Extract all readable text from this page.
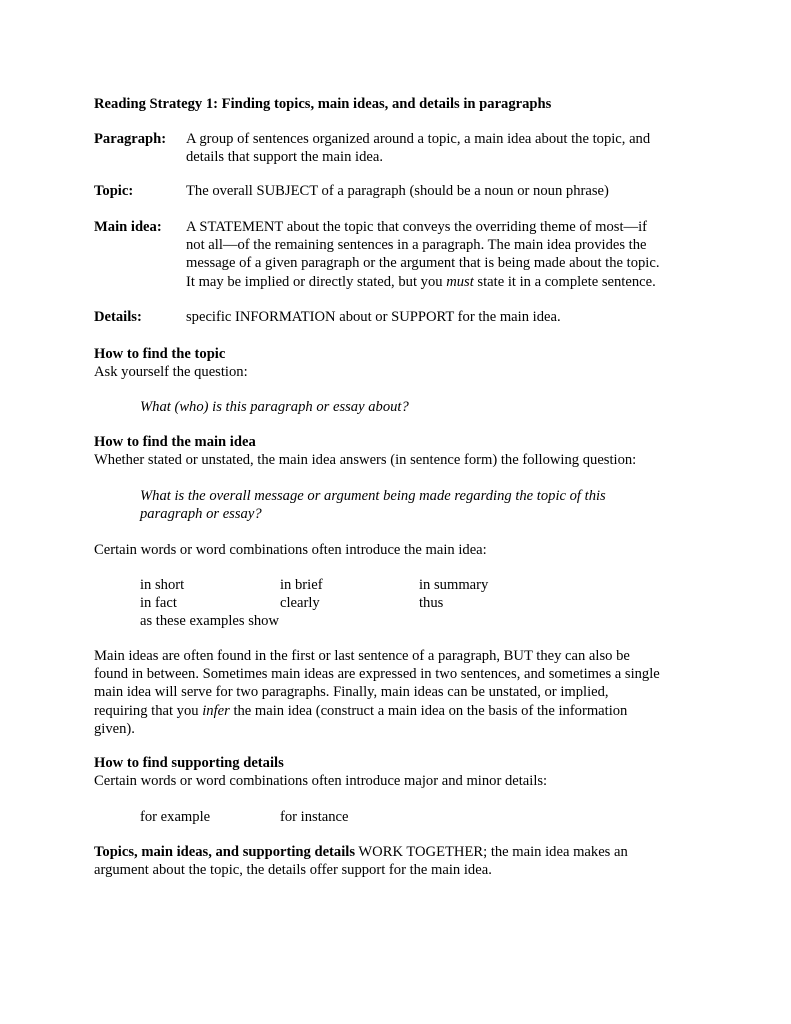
Reading Strategy 1: Finding topics, main ideas, and details in paragraphs
Paragraph: A group of sentences organized around a topic, a main idea about the topic, and
details that support the main idea.
Topic:	The overall SUBJECT of a paragraph (should be a noun or noun phrase)
Main idea: A STATEMENT about the topic that conveys the overriding theme of most—if
not all—of the remaining sentences in a paragraph. The main idea provides the
message of a given paragraph or the argument that is being made about the topic.
It may be implied or directly stated, but you must state it in a complete sentence.
Details:	specific INFORMATION about or SUPPORT for the main idea.
How to find the topic
Ask yourself the question:
What (who) is this paragraph or essay about?
How to find the main idea
Whether stated or unstated, the main idea answers (in sentence form) the following question:
What is the overall message or argument being made regarding the topic of this
paragraph or essay?
Certain words or word combinations often introduce the main idea:
in short	in brief	in summary
in fact	clearly	thus
as these examples show
Main ideas are often found in the first or last sentence of a paragraph, BUT they can also be
found in between. Sometimes main ideas are expressed in two sentences, and sometimes a single
main idea will serve for two paragraphs. Finally, main ideas can be unstated, or implied,
requiring that you infer the main idea (construct a main idea on the basis of the information
given).
How to find supporting details
Certain words or word combinations often introduce major and minor details:
for example	for instance
Topics, main ideas, and supporting details WORK TOGETHER; the main idea makes an
argument about the topic, the details offer support for the main idea.
